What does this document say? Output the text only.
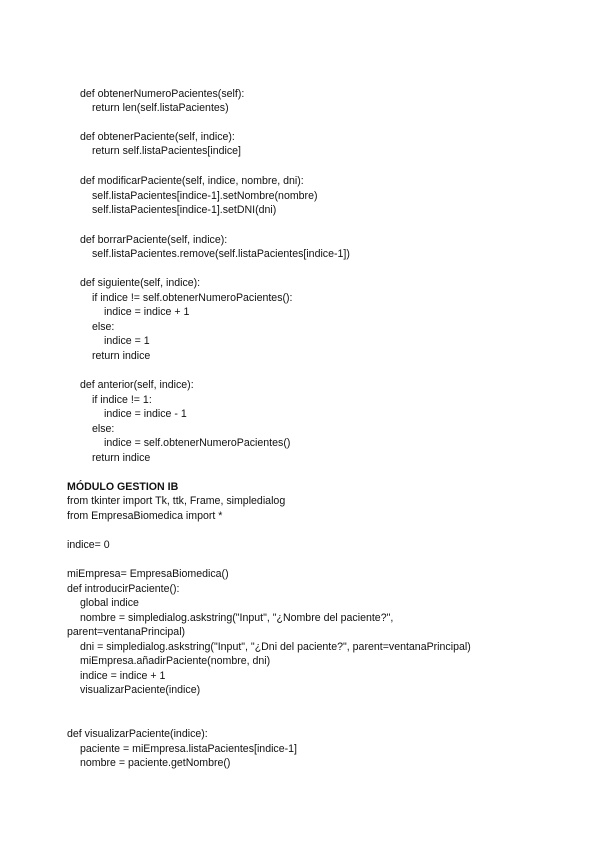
def obtenerNumeroPacientes(self):

return len(self.listaPacientes)

def obtenerPaciente(self, indice):

return self.listaPacientes[indice]

def modificarPaciente(self, indice, nombre, dni):

self.listaPacientes[indice-1].setNombre(nombre)

self.listaPacientes[indice-1].setDNI(dni)

def borrarPaciente(self, indice):

self.listaPacientes.remove(self.listaPacientes[indice-1])

def siguiente(self, indice):

if indice != self.obtenerNumeroPacientes():

indice = indice + 1

else:

indice = 1

return indice

def anterior(self, indice):

if indice != 1:

indice = indice - 1

else:

indice = self.obtenerNumeroPacientes()

return indice

MÓDULO GESTION IB

from tkinter import Tk, ttk, Frame, simpledialog

from EmpresaBiomedica import *

indice= 0

miEmpresa= EmpresaBiomedica()

def introducirPaciente():

global indice

nombre = simpledialog.askstring("Input", "¿Nombre del paciente?",

parent=ventanaPrincipal)

dni = simpledialog.askstring("Input", "¿Dni del paciente?", parent=ventanaPrincipal)

miEmpresa.añadirPaciente(nombre, dni)

indice = indice + 1

visualizarPaciente(indice)

def visualizarPaciente(indice):

paciente = miEmpresa.listaPacientes[indice-1]

nombre = paciente.getNombre()
